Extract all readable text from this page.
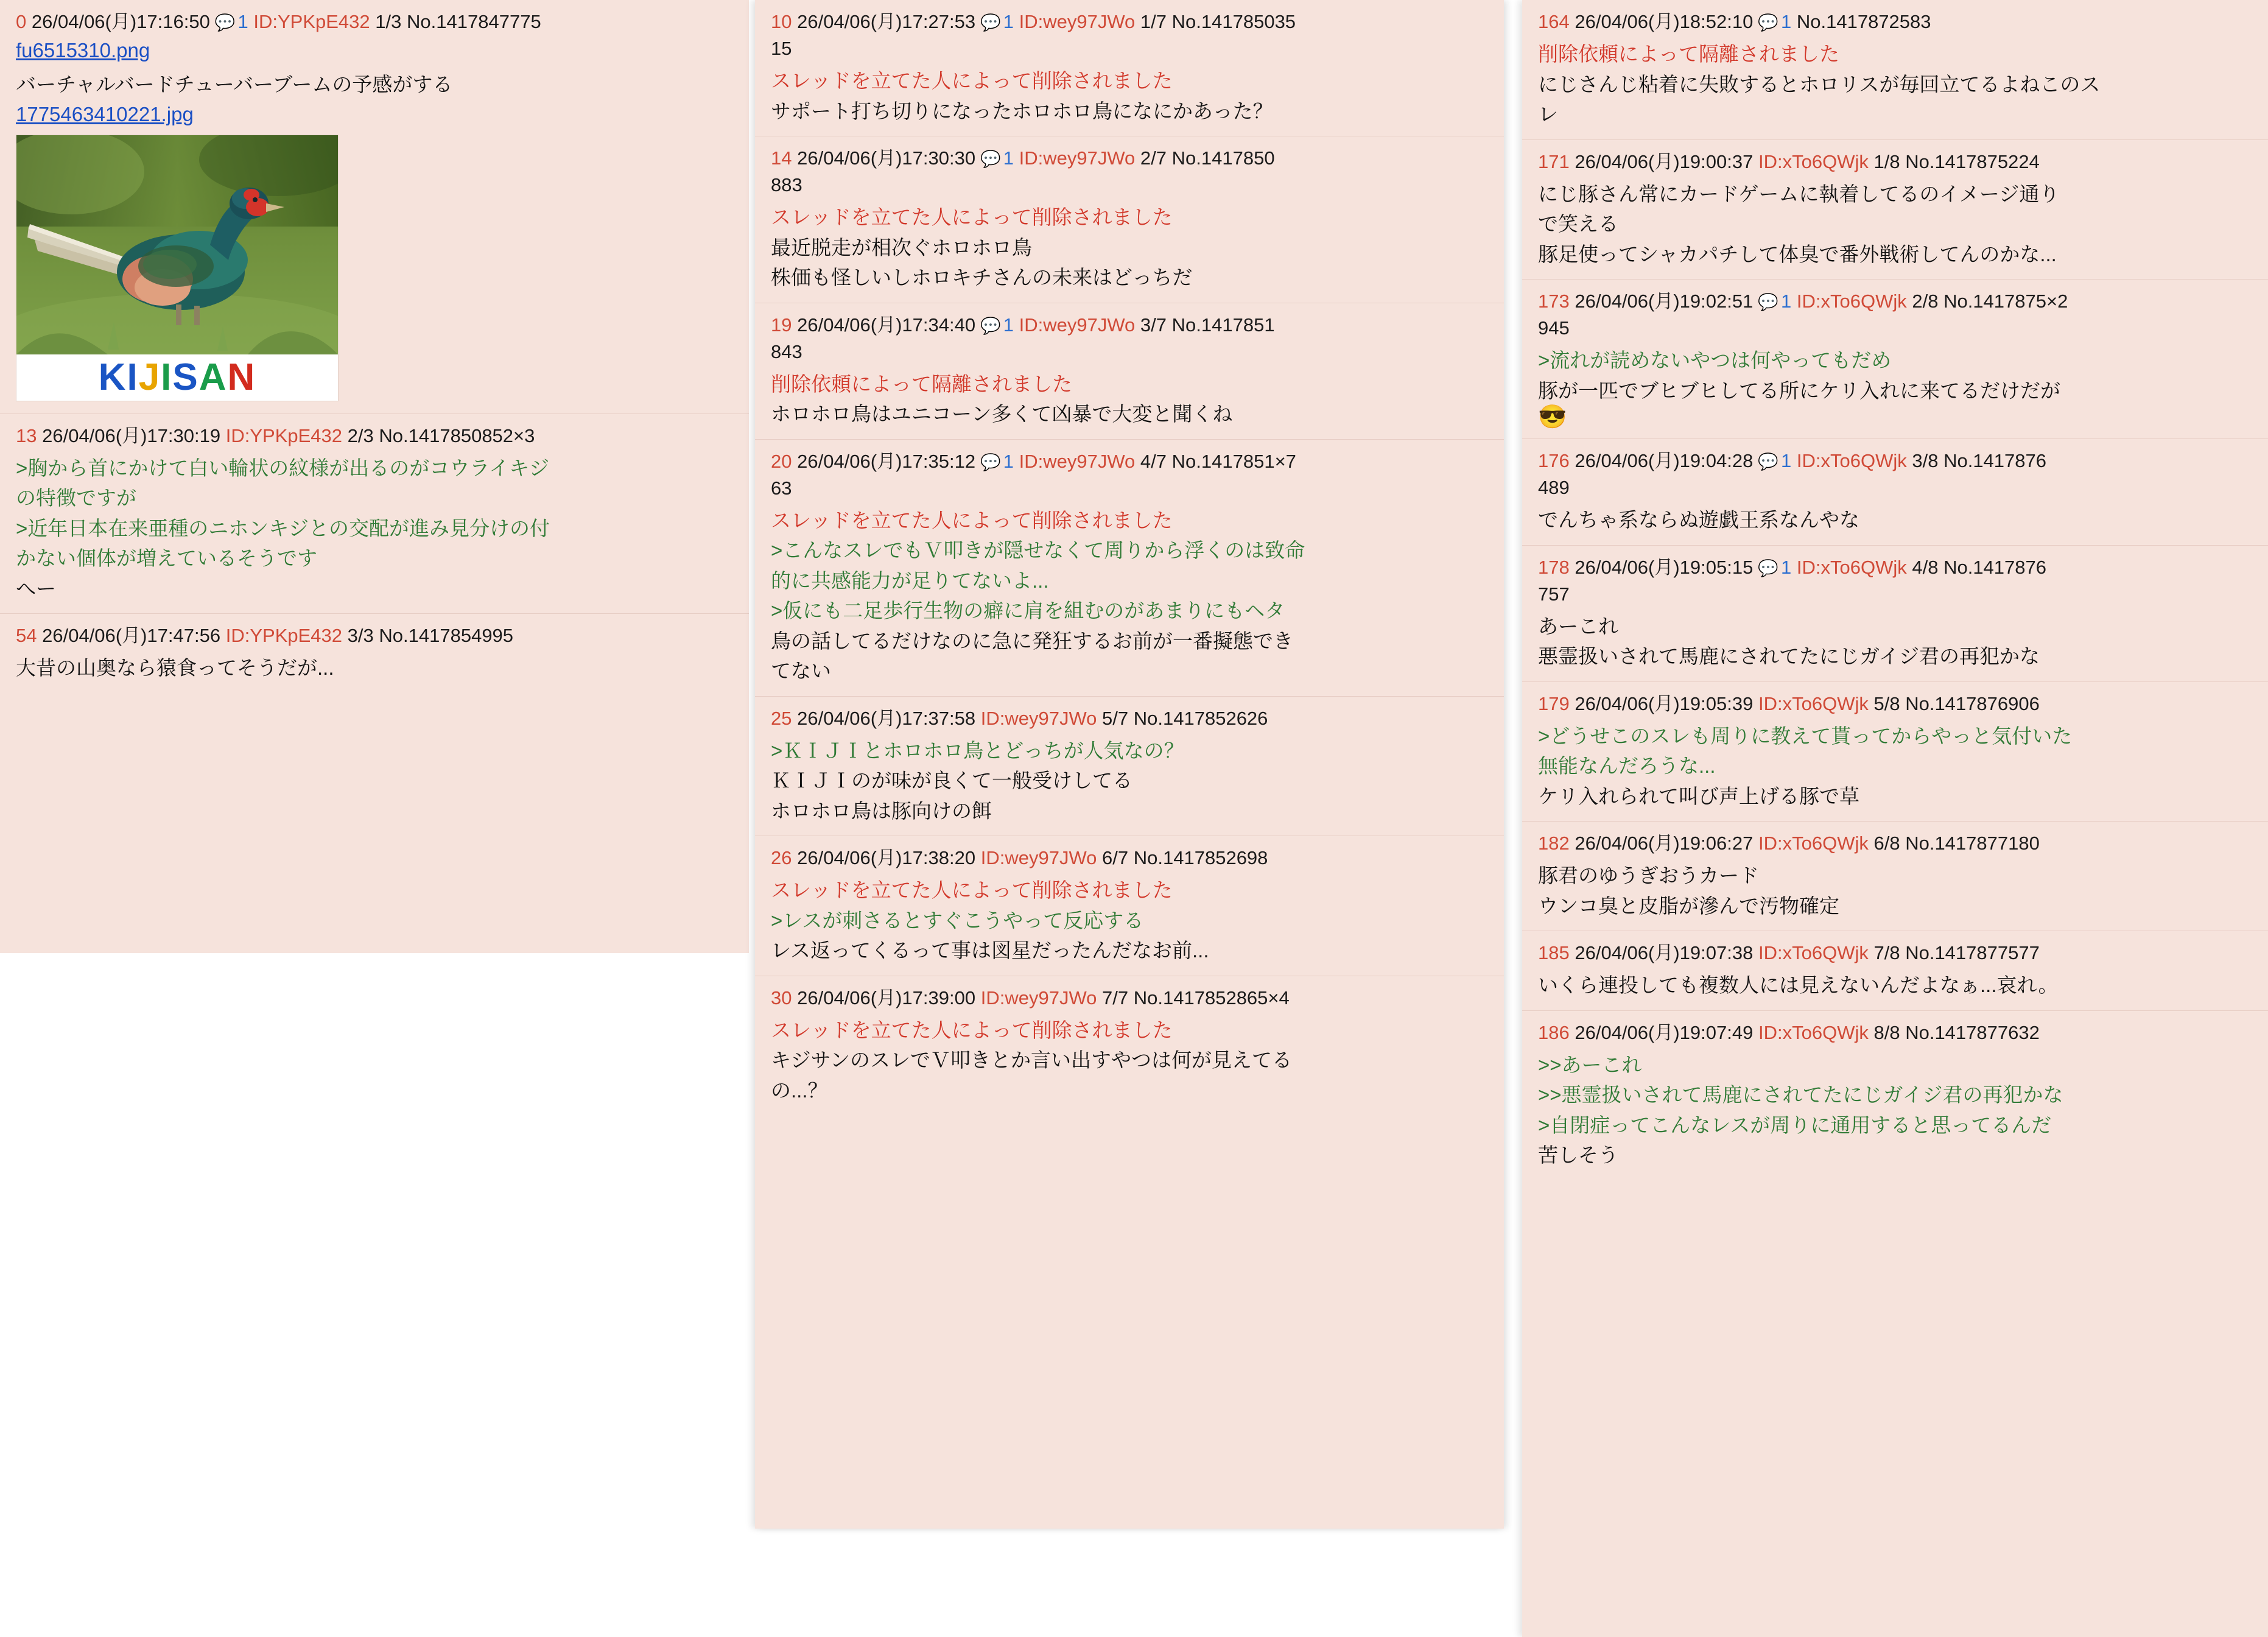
0 26/04/06(月)17:16:50 💬 1 ID:YPKpE432 1/3 No.1417847775
fu6515310.png
バーチャルバードチューバーブームの予感がする
1775463410221.jpg
K I J I S A N
13 26/04/06(月)17:30:19 ID:YPKpE432 2/3 No.1417850852×3
>胸から首にかけて白い輪状の紋様が出るのがコウライキジ
の特徴ですが
>近年日本在来亜種のニホンキジとの交配が進み見分けの付
かない個体が増えているそうです
へー
54 26/04/06(月)17:47:56 ID:YPKpE432 3/3 No.1417854995
大昔の山奥なら猿食ってそうだが...
10 26/04/06(月)17:27:53 💬 1 ID:wey97JWo 1/7 No.141785035
15
スレッドを立てた人によって削除されました
サポート打ち切りになったホロホロ鳥になにかあった？
14 26/04/06(月)17:30:30 💬 1 ID:wey97JWo 2/7 No.1417850
883
スレッドを立てた人によって削除されました
最近脱走が相次ぐホロホロ鳥
株価も怪しいしホロキチさんの未来はどっちだ
19 26/04/06(月)17:34:40 💬 1 ID:wey97JWo 3/7 No.1417851
843
削除依頼によって隔離されました
ホロホロ鳥はユニコーン多くて凶暴で大変と聞くね
20 26/04/06(月)17:35:12 💬 1 ID:wey97JWo 4/7 No.1417851×7
63
スレッドを立てた人によって削除されました
>こんなスレでもＶ叩きが隠せなくて周りから浮くのは致命
的に共感能力が足りてないよ...
>仮にも二足歩行生物の癖に肩を組むのがあまりにもヘタ
鳥の話してるだけなのに急に発狂するお前が一番擬態でき
てない
25 26/04/06(月)17:37:58 ID:wey97JWo 5/7 No.1417852626
>ＫＩＪＩとホロホロ鳥とどっちが人気なの？
ＫＩＪＩのが味が良くて一般受けしてる
ホロホロ鳥は豚向けの餌
26 26/04/06(月)17:38:20 ID:wey97JWo 6/7 No.1417852698
スレッドを立てた人によって削除されました
>レスが刺さるとすぐこうやって反応する
レス返ってくるって事は図星だったんだなお前...
30 26/04/06(月)17:39:00 ID:wey97JWo 7/7 No.1417852865×4
スレッドを立てた人によって削除されました
キジサンのスレでＶ叩きとか言い出すやつは何が見えてる
の...？
164 26/04/06(月)18:52:10 💬 1 No.1417872583
削除依頼によって隔離されました
にじさんじ粘着に失敗するとホロリスが毎回立てるよねこのス
レ
171 26/04/06(月)19:00:37 ID:xTo6QWjk 1/8 No.1417875224
にじ豚さん常にカードゲームに執着してるのイメージ通り
で笑える
豚足使ってシャカパチして体臭で番外戦術してんのかな...
173 26/04/06(月)19:02:51 💬 1 ID:xTo6QWjk 2/8 No.1417875×2
945
>流れが読めないやつは何やってもだめ
豚が一匹でブヒブヒしてる所にケリ入れに来てるだけだが
😎
176 26/04/06(月)19:04:28 💬 1 ID:xTo6QWjk 3/8 No.1417876
489
でんちゃ系ならぬ遊戯王系なんやな
178 26/04/06(月)19:05:15 💬 1 ID:xTo6QWjk 4/8 No.1417876
757
あーこれ
悪霊扱いされて馬鹿にされてたにじガイジ君の再犯かな
179 26/04/06(月)19:05:39 ID:xTo6QWjk 5/8 No.1417876906
>どうせこのスレも周りに教えて貰ってからやっと気付いた
無能なんだろうな...
ケリ入れられて叫び声上げる豚で草
182 26/04/06(月)19:06:27 ID:xTo6QWjk 6/8 No.1417877180
豚君のゆうぎおうカード
ウンコ臭と皮脂が滲んで汚物確定
185 26/04/06(月)19:07:38 ID:xTo6QWjk 7/8 No.1417877577
いくら連投しても複数人には見えないんだよなぁ...哀れ。
186 26/04/06(月)19:07:49 ID:xTo6QWjk 8/8 No.1417877632
>>あーこれ
>>悪霊扱いされて馬鹿にされてたにじガイジ君の再犯かな
>自閉症ってこんなレスが周りに通用すると思ってるんだ
苦しそう
